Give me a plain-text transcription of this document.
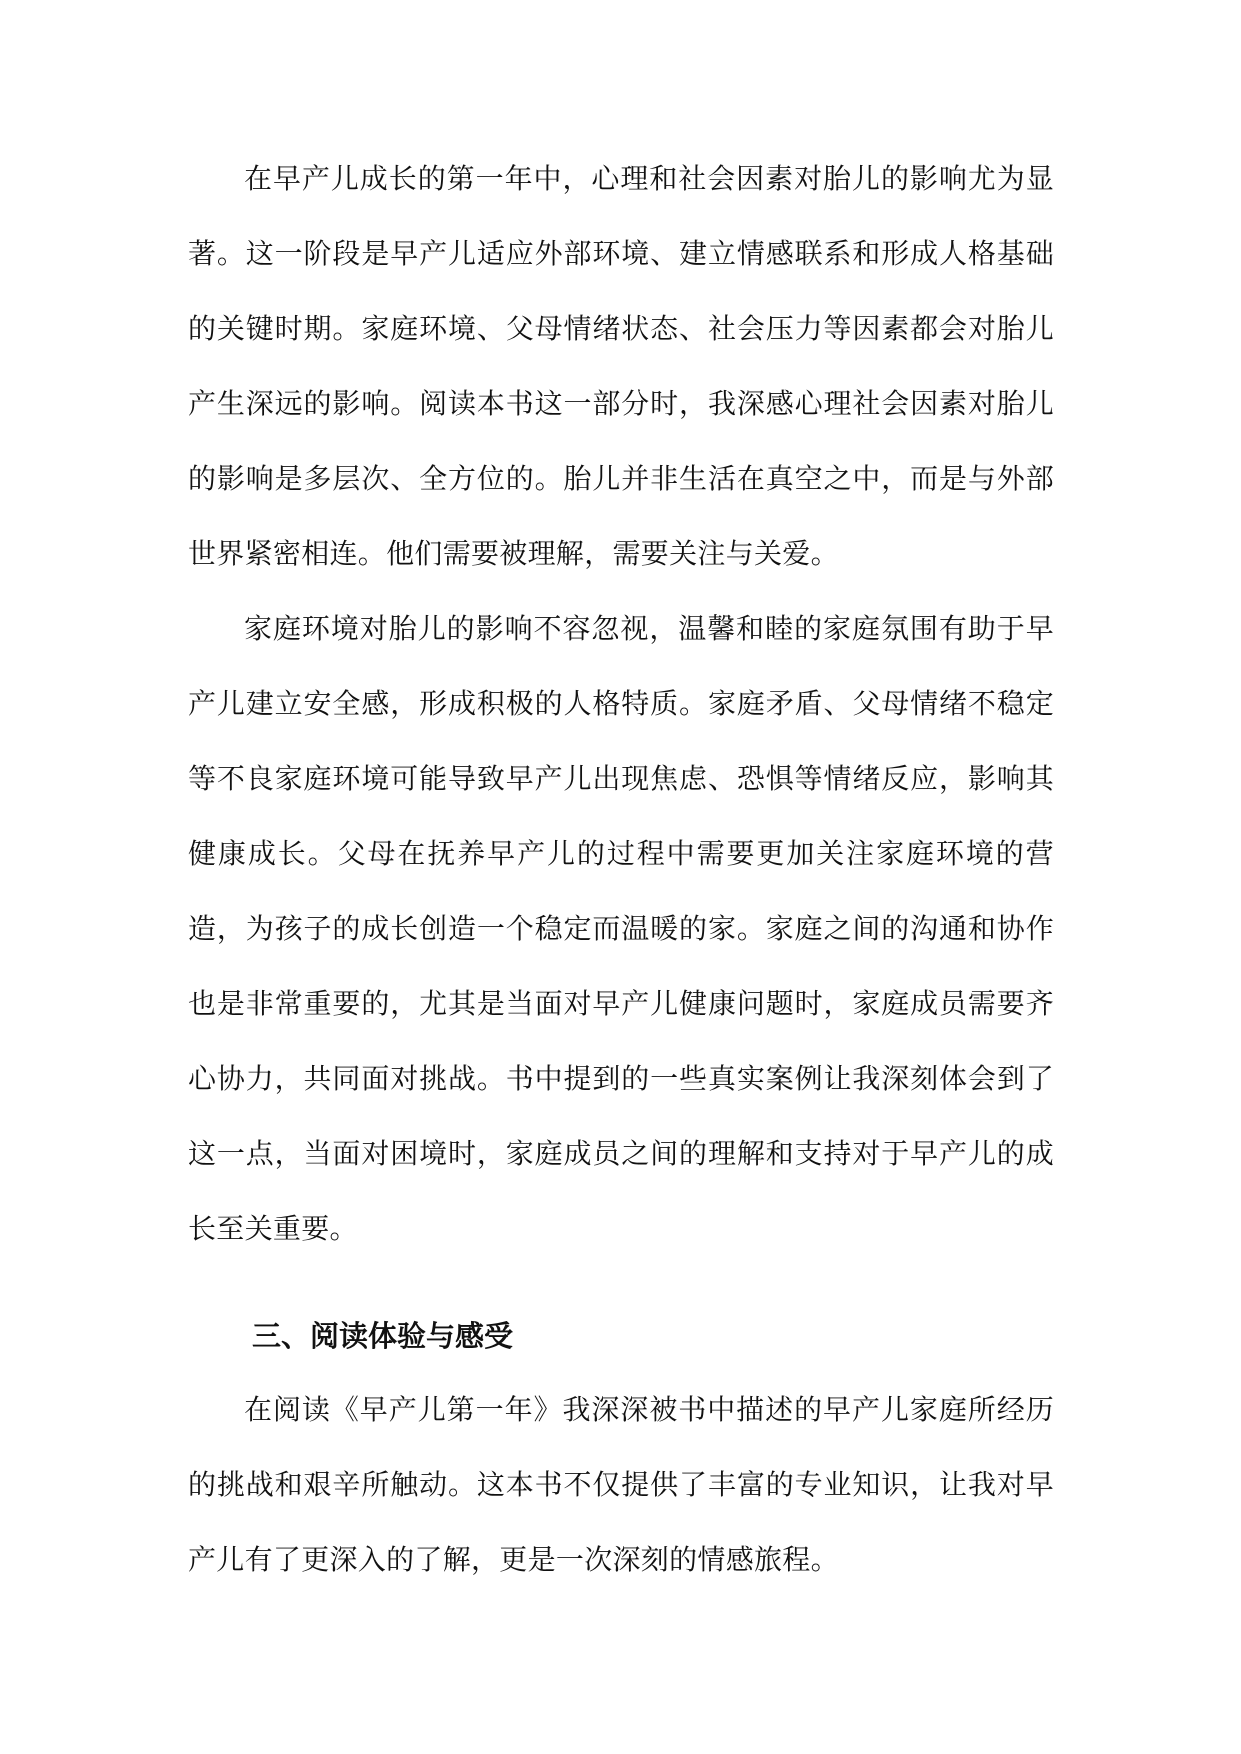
在早产儿成长的第一年中，心理和社会因素对胎儿的影响尤为显著。这一阶段是早产儿适应外部环境、建立情感联系和形成人格基础的关键时期。家庭环境、父母情绪状态、社会压力等因素都会对胎儿产生深远的影响。阅读本书这一部分时，我深感心理社会因素对胎儿的影响是多层次、全方位的。胎儿并非生活在真空之中，而是与外部世界紧密相连。他们需要被理解，需要关注与关爱。

家庭环境对胎儿的影响不容忽视，温馨和睦的家庭氛围有助于早产儿建立安全感，形成积极的人格特质。家庭矛盾、父母情绪不稳定等不良家庭环境可能导致早产儿出现焦虑、恐惧等情绪反应，影响其健康成长。父母在抚养早产儿的过程中需要更加关注家庭环境的营造，为孩子的成长创造一个稳定而温暖的家。家庭之间的沟通和协作也是非常重要的，尤其是当面对早产儿健康问题时，家庭成员需要齐心协力，共同面对挑战。书中提到的一些真实案例让我深刻体会到了这一点，当面对困境时，家庭成员之间的理解和支持对于早产儿的成长至关重要。

三、阅读体验与感受

在阅读《早产儿第一年》我深深被书中描述的早产儿家庭所经历的挑战和艰辛所触动。这本书不仅提供了丰富的专业知识，让我对早产儿有了更深入的了解，更是一次深刻的情感旅程。
